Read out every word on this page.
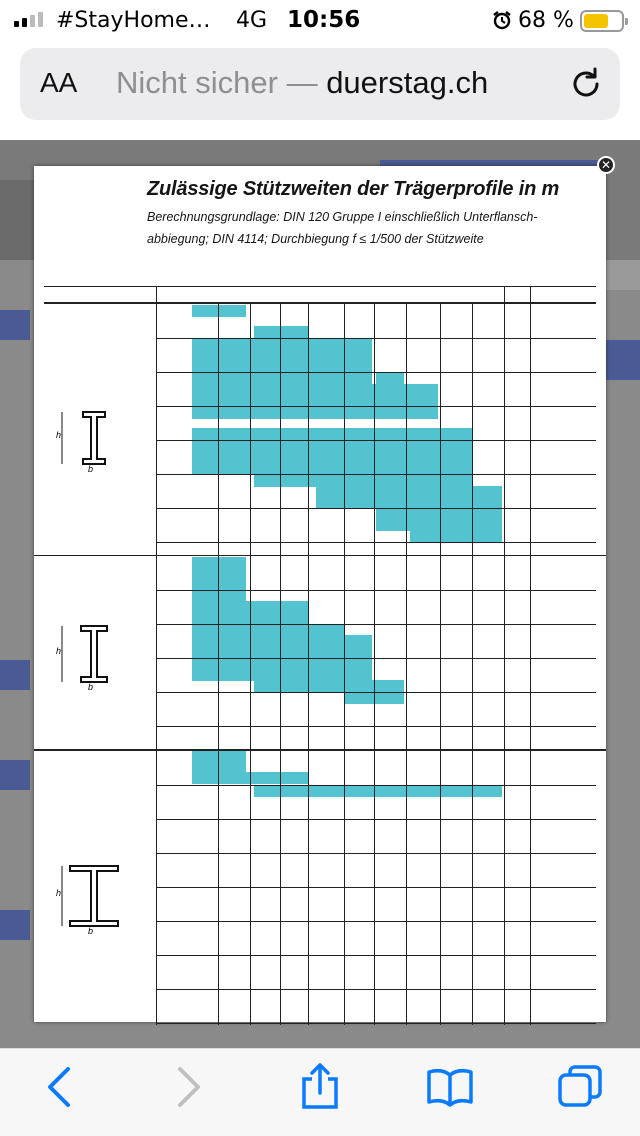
#StayHome… 4G 10:56	68 %
AA Nicht sicher — duerstag.ch
Zulässige Stützweiten der Trägerprofile in m
Berechnungsgrundlage: DIN 120 Gruppe I einschließlich Unterflansch-
abbiegung; DIN 4114; Durchbiegung f ≤ 1/500 der Stützweite
h
b
h
b
h
b
✕
